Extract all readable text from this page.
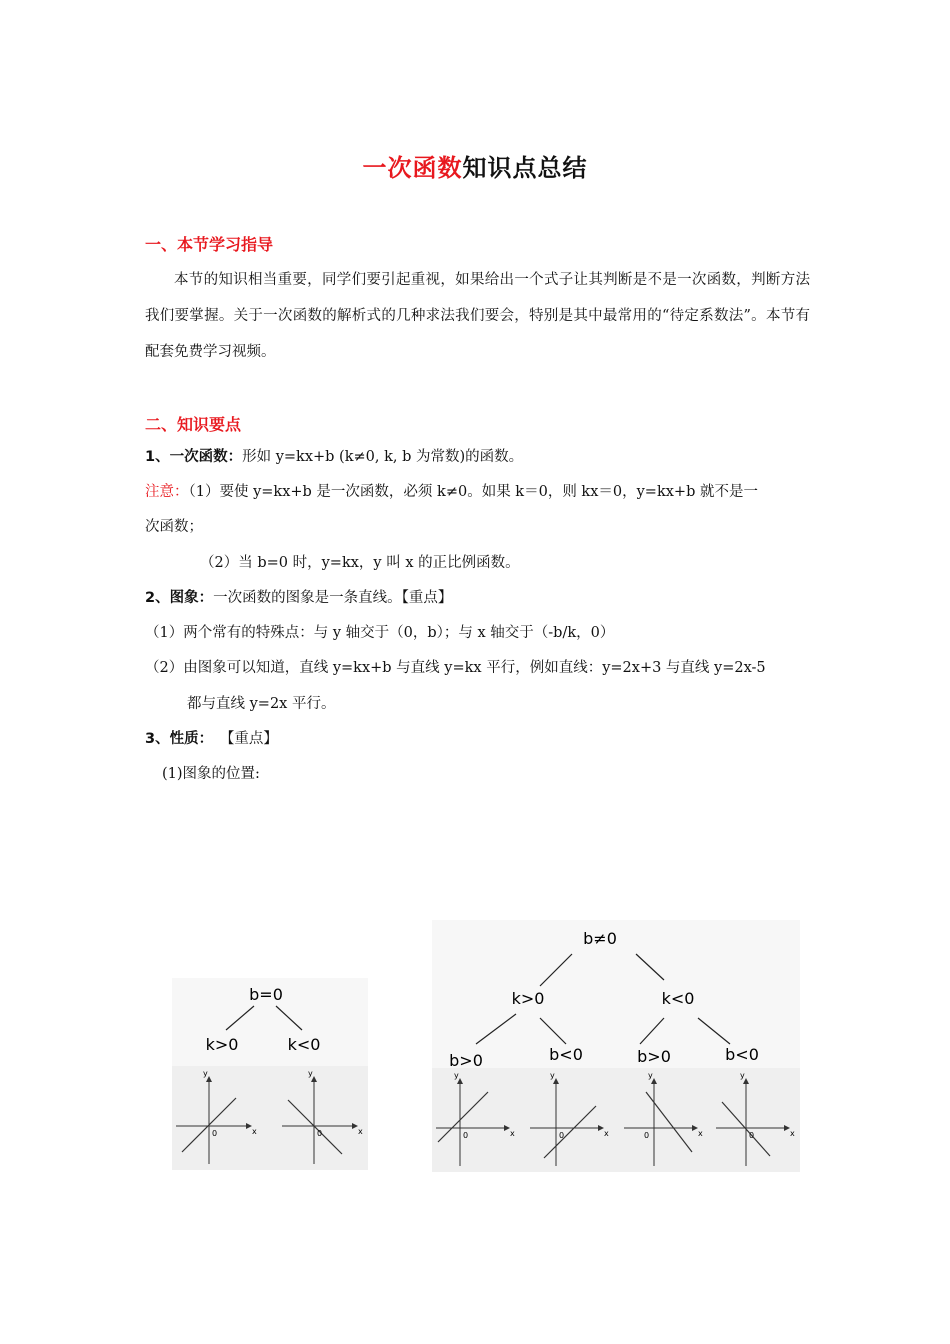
一次函数知识点总结
一、本节学习指导
本节的知识相当重要，同学们要引起重视，如果给出一个式子让其判断是不是一次函数，判断方法我们要掌握。关于一次函数的解析式的几种求法我们要会，特别是其中最常用的“待定系数法”。本节有配套免费学习视频。
二、知识要点
1、一次函数：形如 y=kx+b (k≠0, k, b 为常数)的函数。
注意：（1）要使 y=kx+b 是一次函数，必须 k≠0。如果 k＝0，则 kx＝0，y=kx+b 就不是一
次函数；
（2）当 b=0 时，y=kx，y 叫 x 的正比例函数。
2、图象：一次函数的图象是一条直线。【重点】
（1）两个常有的特殊点：与 y 轴交于（0，b）；与 x 轴交于（-b/k，0）
（2）由图象可以知道，直线 y=kx+b 与直线 y=kx 平行，例如直线：y=2x+3 与直线 y=2x-5
都与直线 y=2x 平行。
3、性质： 【重点】
(1)图象的位置:
b=0
k>0	k<0
y
x
0
y
x
0
b≠0
k>0	k<0
b>0	b<0	b>0	b<0
y
x
0
y
x
0
y
x
0
y
x
0
